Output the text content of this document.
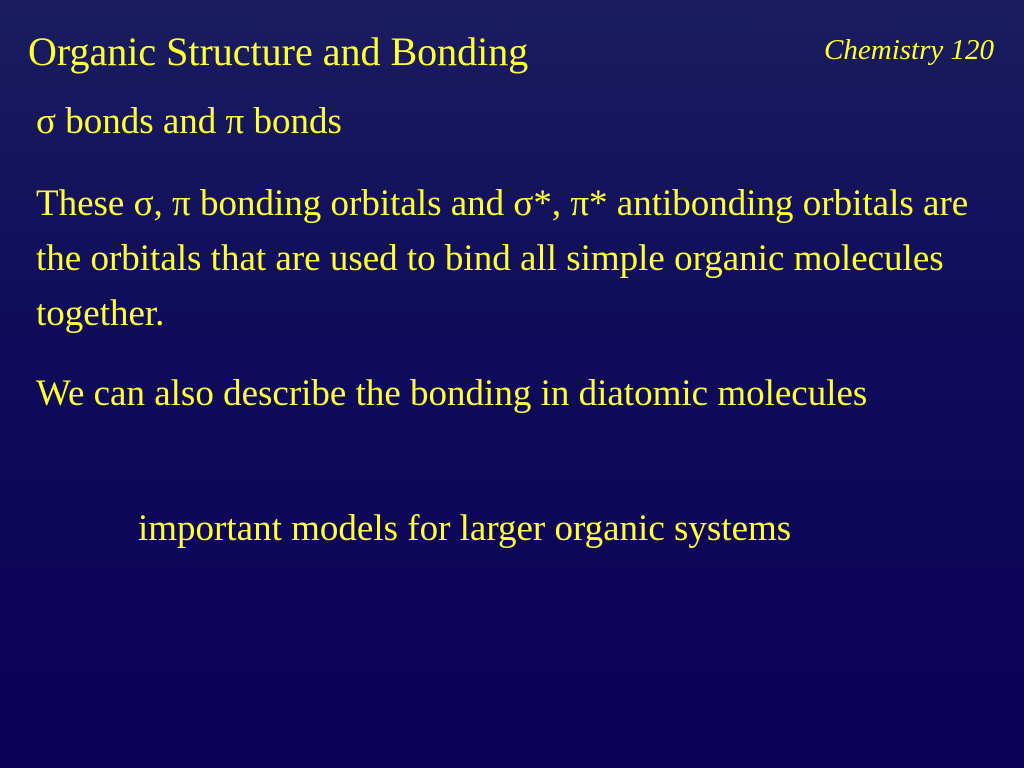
Organic Structure and Bonding	Chemistry 120
σ bonds and π bonds
These σ, π bonding orbitals and σ*, π* antibonding orbitals are the orbitals that are used to bind all simple organic molecules together.
We can also describe the bonding in diatomic molecules
important models for larger organic systems
